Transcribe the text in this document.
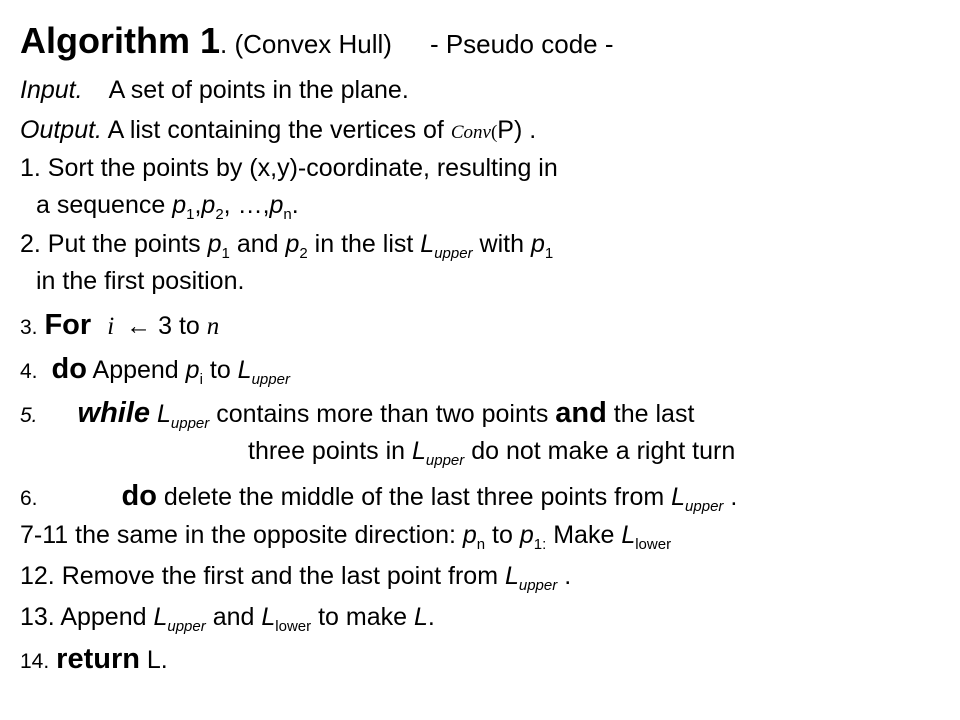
Algorithm 1. (Convex Hull) - Pseudo code -
Input. A set of points in the plane.
Output. A list containing the vertices of Conv(P) .
1. Sort the points by (x,y)-coordinate, resulting in
a sequence $p_1,p_2$, $\dots,p_n$.
2. Put the points $p_1$ and $p_2$ in the list $L_{upper}$ with $p_1$
in the first position.
3. For i ← 3 to n
4. do Append $p_i$ to $L_{upper}$
5. while $L_{upper}$ contains more than two points and the last
three points in $L_{upper}$ do not make a right turn
6.	do delete the middle of the last three points from $L_{upper}$ .
7-11 the same in the opposite direction: $p_n$ to $p_{1:}$ Make $L_{lower}$
12. Remove the first and the last point from $L_{upper}$ .
13. Append $L_{upper}$ and $L_{lower}$ to make L.
14. return L.
